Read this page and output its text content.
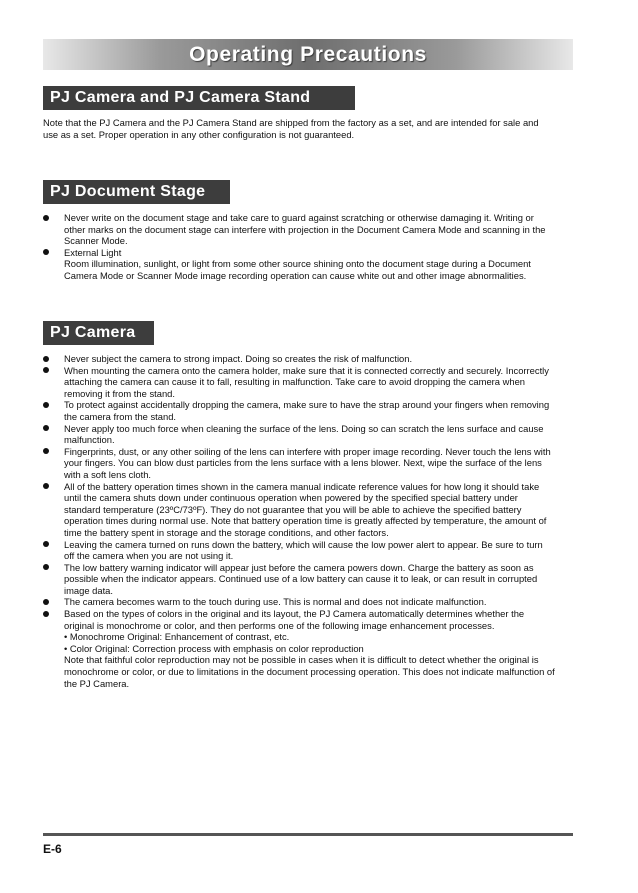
Operating Precautions
PJ Camera and PJ Camera Stand

Note that the PJ Camera and the PJ Camera Stand are shipped from the factory as a set, and are intended for sale and use as a set. Proper operation in any other configuration is not guaranteed.

PJ Document Stage

Never write on the document stage and take care to guard against scratching or otherwise damaging it. Writing or other marks on the document stage can interfere with projection in the Document Camera Mode and scanning in the Scanner Mode.

External Light

Room illumination, sunlight, or light from some other source shining onto the document stage during a Document Camera Mode or Scanner Mode image recording operation can cause white out and other image abnormalities.

PJ Camera

Never subject the camera to strong impact. Doing so creates the risk of malfunction.

When mounting the camera onto the camera holder, make sure that it is connected correctly and securely. Incorrectly attaching the camera can cause it to fall, resulting in malfunction. Take care to avoid dropping the camera when removing it from the stand.

To protect against accidentally dropping the camera, make sure to have the strap around your fingers when removing the camera from the stand.

Never apply too much force when cleaning the surface of the lens. Doing so can scratch the lens surface and cause malfunction.

Fingerprints, dust, or any other soiling of the lens can interfere with proper image recording. Never touch the lens with your fingers. You can blow dust particles from the lens surface with a lens blower. Next, wipe the surface of the lens with a soft lens cloth.

All of the battery operation times shown in the camera manual indicate reference values for how long it should take until the camera shuts down under continuous operation when powered by the specified special battery under standard temperature (23ºC/73ºF). They do not guarantee that you will be able to achieve the specified battery operation times during normal use. Note that battery operation time is greatly affected by temperature, the amount of time the battery spent in storage and the storage conditions, and other factors.

Leaving the camera turned on runs down the battery, which will cause the low power alert to appear. Be sure to turn off the camera when you are not using it.

The low battery warning indicator will appear just before the camera powers down. Charge the battery as soon as possible when the indicator appears. Continued use of a low battery can cause it to leak, or can result in corrupted image data.

The camera becomes warm to the touch during use. This is normal and does not indicate malfunction.

Based on the types of colors in the original and its layout, the PJ Camera automatically determines whether the original is monochrome or color, and then performs one of the following image enhancement processes.

• Monochrome Original: Enhancement of contrast, etc.

• Color Original: Correction process with emphasis on color reproduction

Note that faithful color reproduction may not be possible in cases when it is difficult to detect whether the original is monochrome or color, or due to limitations in the document processing operation. This does not indicate malfunction of the PJ Camera.

E-6
